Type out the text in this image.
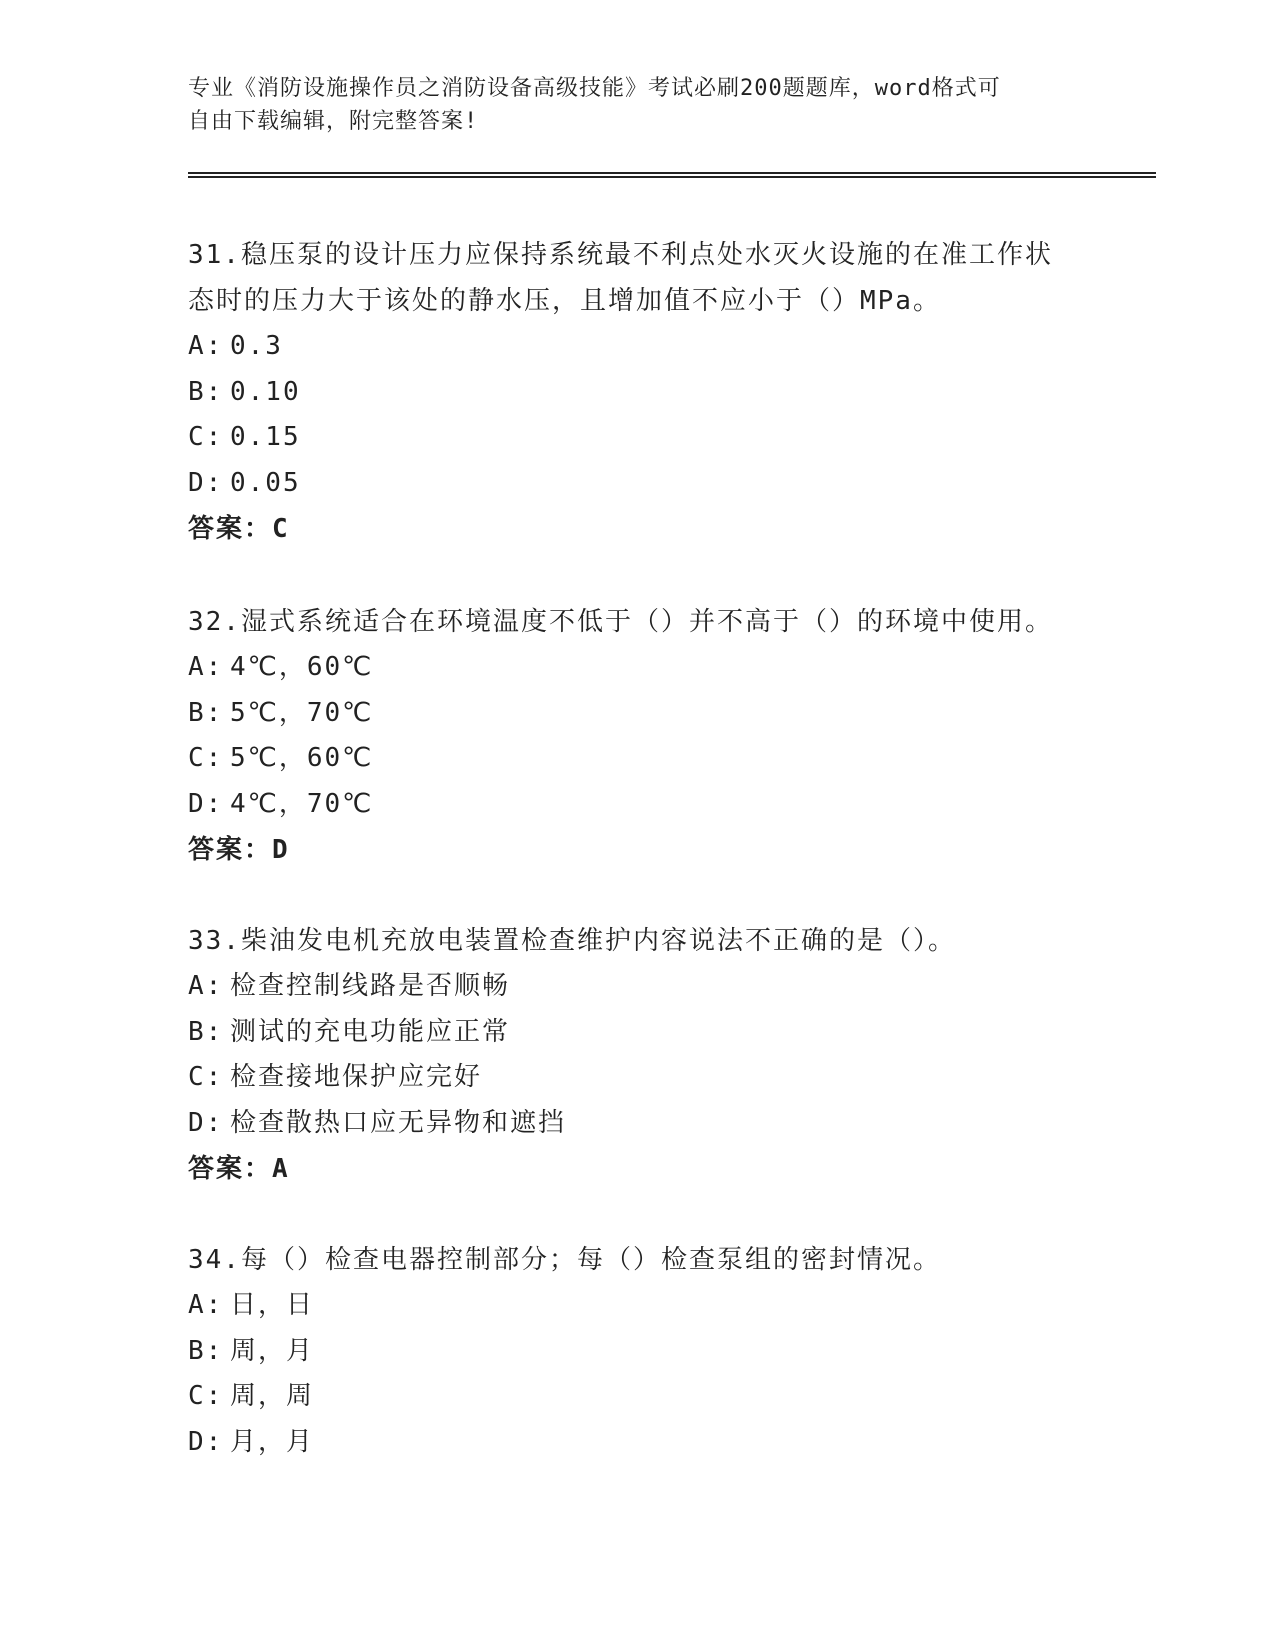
专业《消防设施操作员之消防设备高级技能》考试必刷200题题库，word格式可
自由下载编辑，附完整答案!
31.稳压泵的设计压力应保持系统最不利点处水灭火设施的在准工作状
态时的压力大于该处的静水压，且增加值不应小于（）MPa。
A: 0.3
B: 0.10
C: 0.15
D: 0.05
答案：C
32.湿式系统适合在环境温度不低于（）并不高于（）的环境中使用。
A: 4℃，60℃
B: 5℃，70℃
C: 5℃，60℃
D: 4℃，70℃
答案：D
33.柴油发电机充放电装置检查维护内容说法不正确的是（）。
A: 检查控制线路是否顺畅
B: 测试的充电功能应正常
C: 检查接地保护应完好
D: 检查散热口应无异物和遮挡
答案：A
34.每（）检查电器控制部分；每（）检查泵组的密封情况。
A: 日，日
B: 周，月
C: 周，周
D: 月，月
